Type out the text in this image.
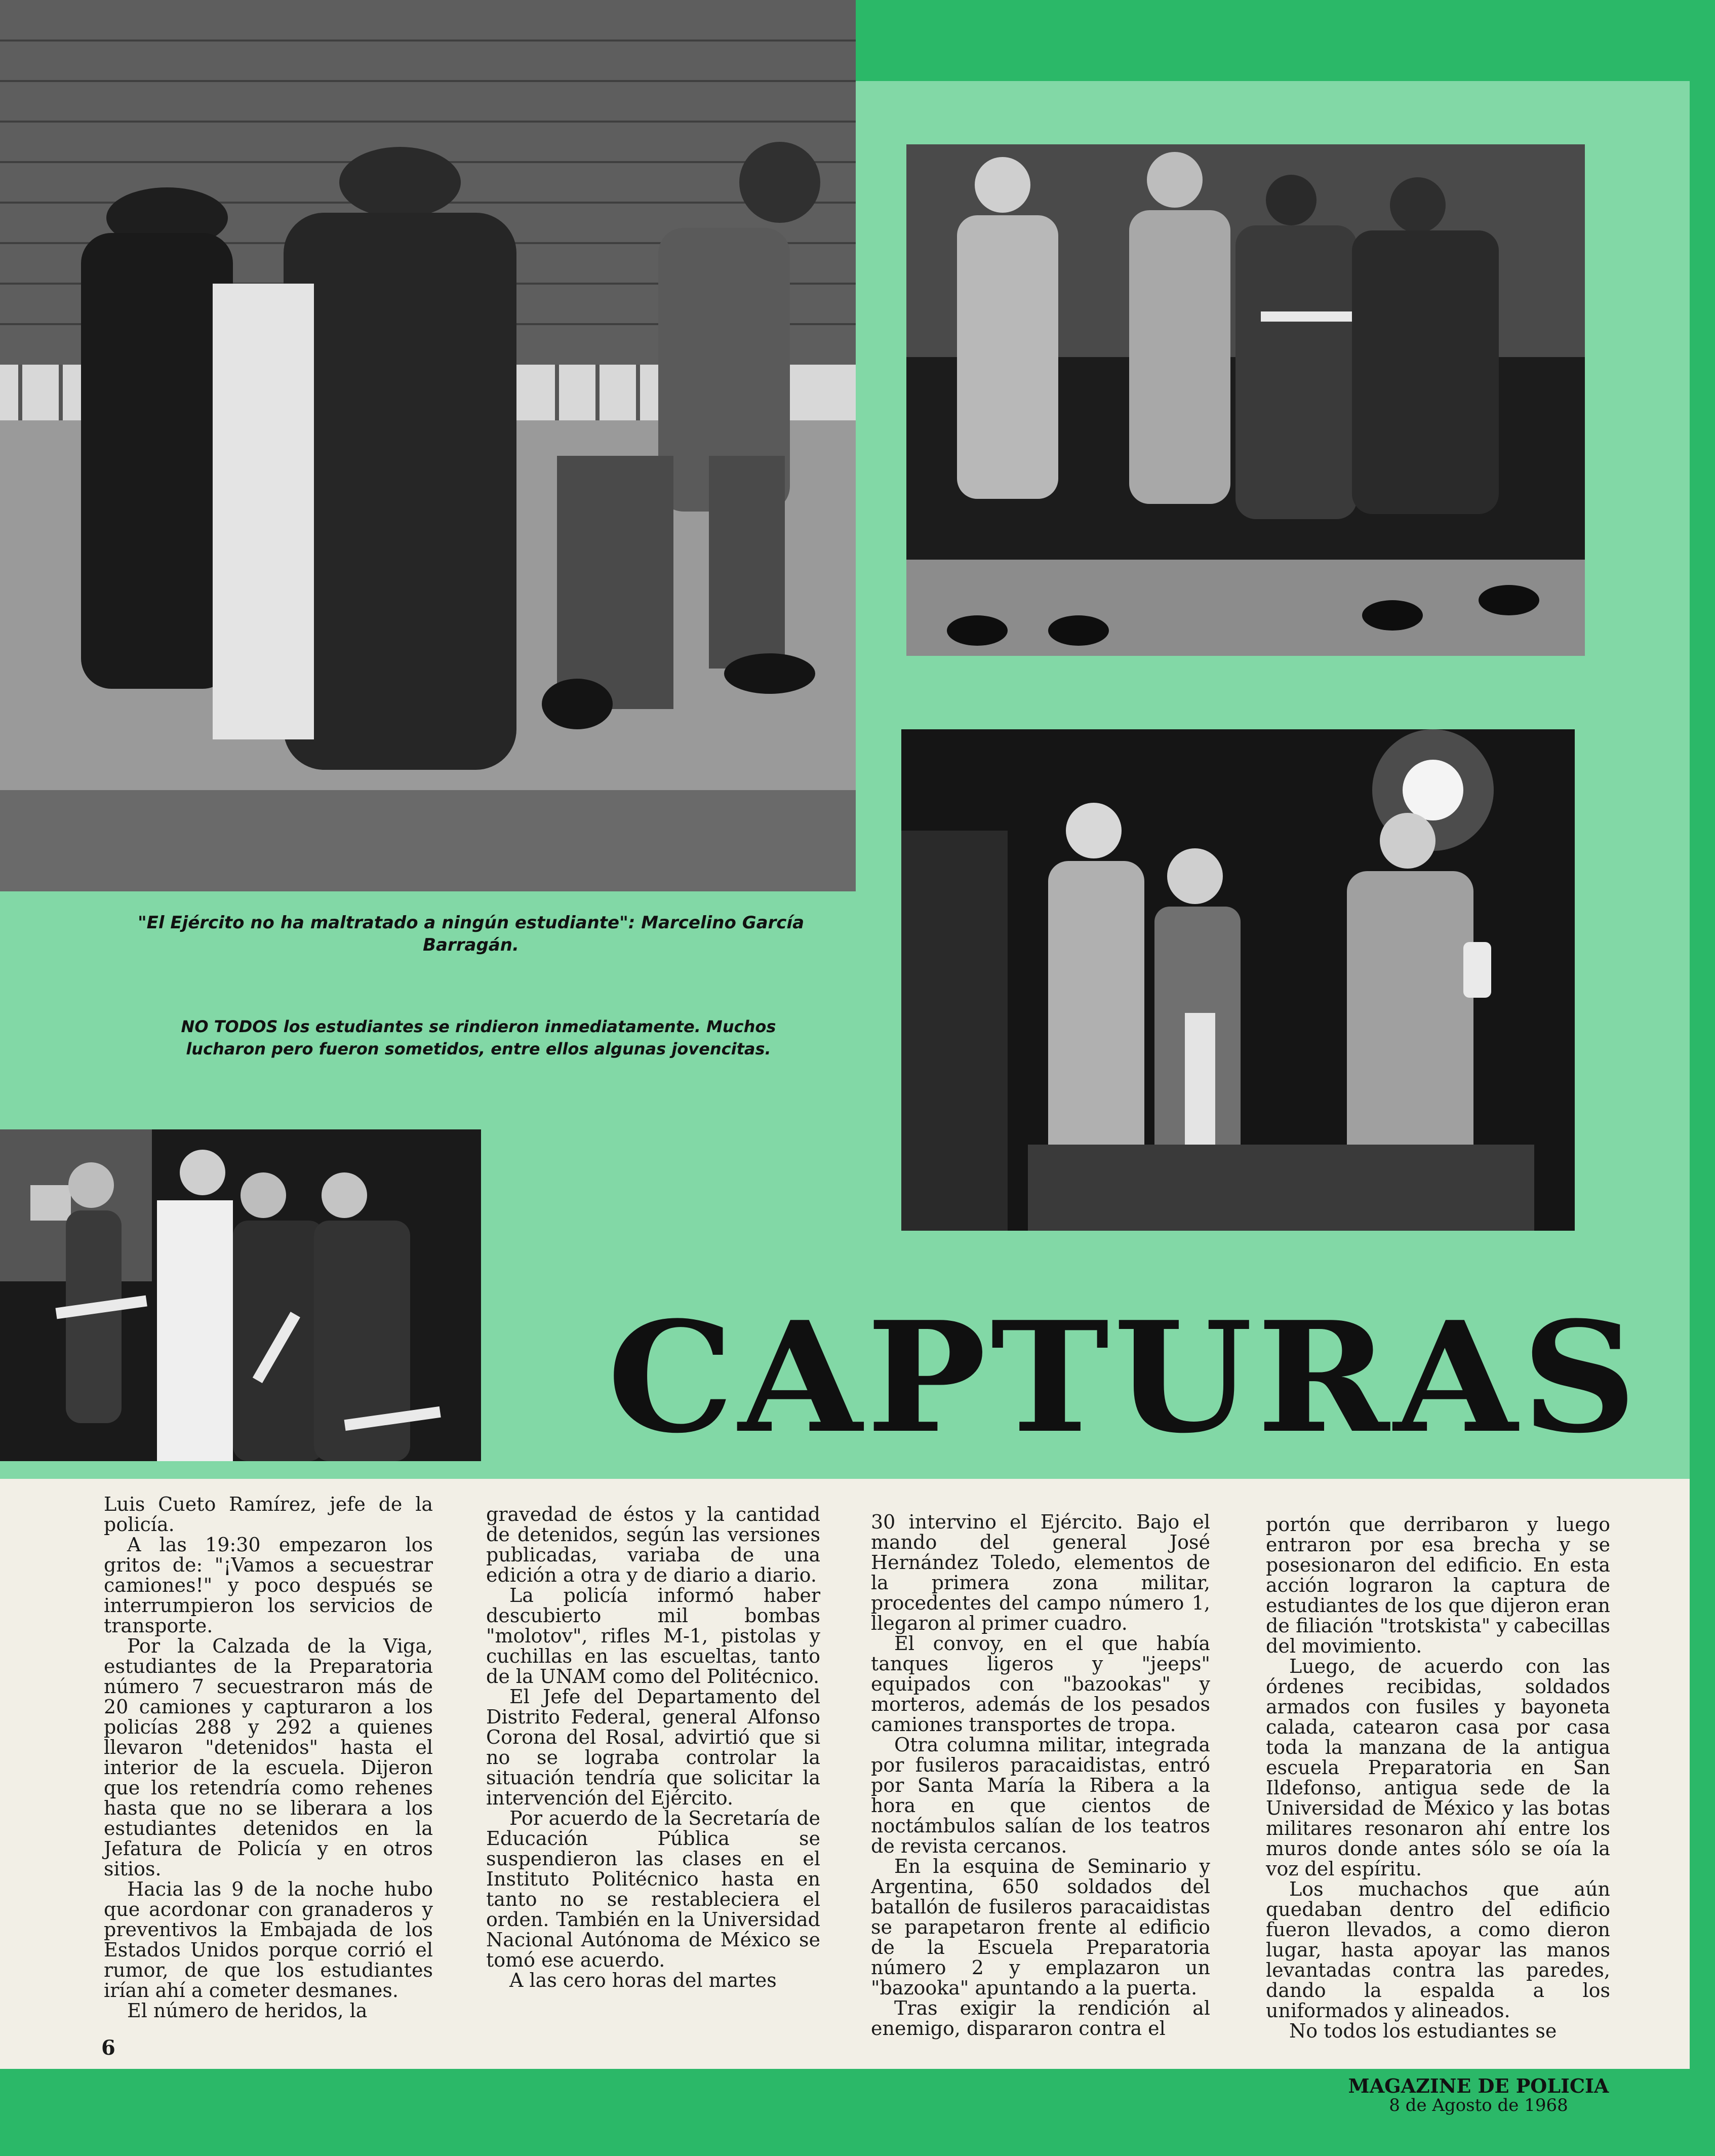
"El Ejército no ha maltratado a ningún estudiante": Marcelino García Barragán.
NO TODOS los estudiantes se rindieron inmediatamente. Muchos lucharon pero fueron sometidos, entre ellos algunas jovencitas.
CAPTURAS

Luis Cueto Ramírez, jefe de la policía.

A las 19:30 empezaron los gritos de: "¡Vamos a secuestrar camiones!" y poco después se interrumpieron los servicios de transporte.

Por la Calzada de la Viga, estudiantes de la Preparatoria número 7 secuestraron más de 20 camiones y capturaron a los policías 288 y 292 a quienes llevaron "detenidos" hasta el interior de la escuela. Dijeron que los retendría como rehenes hasta que no se liberara a los estudiantes detenidos en la Jefatura de Policía y en otros sitios.

Hacia las 9 de la noche hubo que acordonar con granaderos y preventivos la Embajada de los Estados Unidos porque corrió el rumor, de que los estudiantes irían ahí a cometer desmanes.

El número de heridos, la

gravedad de éstos y la cantidad de detenidos, según las versiones publicadas, variaba de una edición a otra y de diario a diario.

La policía informó haber descubierto mil bombas "molotov", rifles M-1, pistolas y cuchillas en las escueltas, tanto de la UNAM como del Politécnico.

El Jefe del Departamento del Distrito Federal, general Alfonso Corona del Rosal, advirtió que si no se lograba controlar la situación tendría que solicitar la intervención del Ejército.

Por acuerdo de la Secretaría de Educación Pública se suspendieron las clases en el Instituto Politécnico hasta en tanto no se restableciera el orden. También en la Universidad Nacional Autónoma de México se tomó ese acuerdo.

A las cero horas del martes

30 intervino el Ejército. Bajo el mando del general José Hernández Toledo, elementos de la primera zona militar, procedentes del campo número 1, llegaron al primer cuadro.

El convoy, en el que había tanques ligeros y "jeeps" equipados con "bazookas" y morteros, además de los pesados camiones transportes de tropa.

Otra columna militar, integrada por fusileros paracaidistas, entró por Santa María la Ribera a la hora en que cientos de noctámbulos salían de los teatros de revista cercanos.

En la esquina de Seminario y Argentina, 650 soldados del batallón de fusileros paracaidistas se parapetaron frente al edificio de la Escuela Preparatoria número 2 y emplazaron un "bazooka" apuntando a la puerta.

Tras exigir la rendición al enemigo, dispararon contra el

portón que derribaron y luego entraron por esa brecha y se posesionaron del edificio. En esta acción lograron la captura de estudiantes de los que dijeron eran de filiación "trotskista" y cabecillas del movimiento.

Luego, de acuerdo con las órdenes recibidas, soldados armados con fusiles y bayoneta calada, catearon casa por casa toda la manzana de la antigua escuela Preparatoria en San Ildefonso, antigua sede de la Universidad de México y las botas militares resonaron ahí entre los muros donde antes sólo se oía la voz del espíritu.

Los muchachos que aún quedaban dentro del edificio fueron llevados, a como dieron lugar, hasta apoyar las manos levantadas contra las paredes, dando la espalda a los uniformados y alineados.

No todos los estudiantes se

6
MAGAZINE DE POLICIA
8 de Agosto de 1968
